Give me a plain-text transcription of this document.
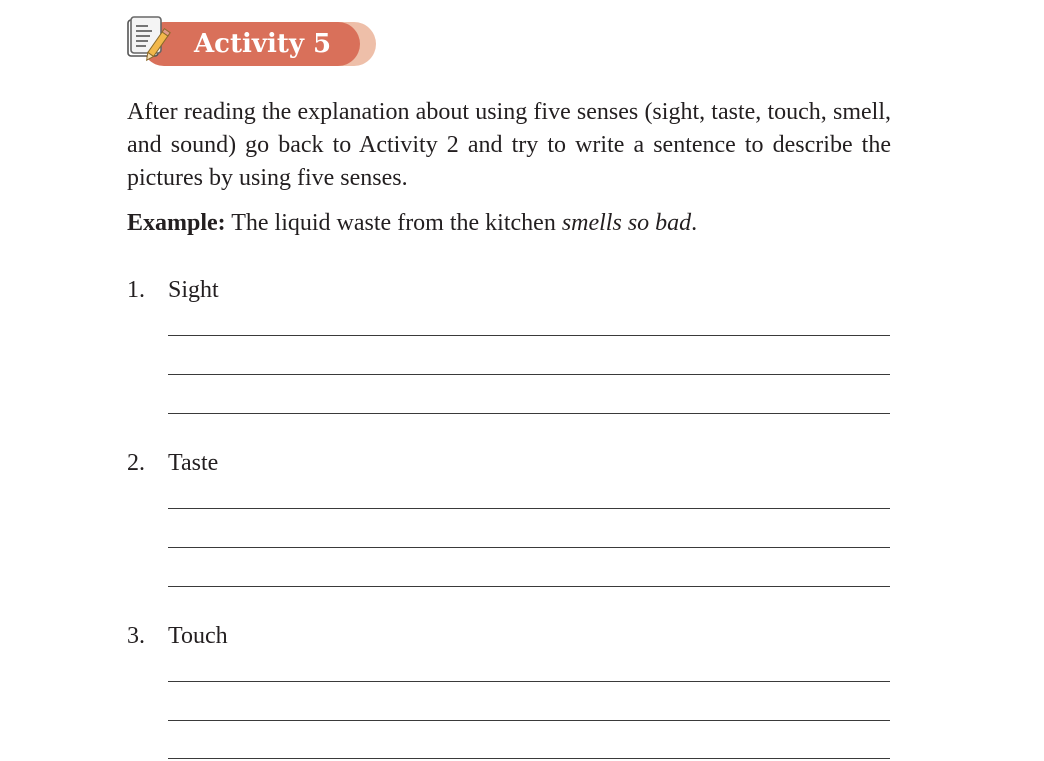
Activity 5

After reading the explanation about using five senses (sight, taste, touch, smell, and sound) go back to Activity 2 and try to write a sentence to describe the pictures by using five senses.

Example: The liquid waste from the kitchen smells so bad.

1. Sight
2. Taste
3. Touch
